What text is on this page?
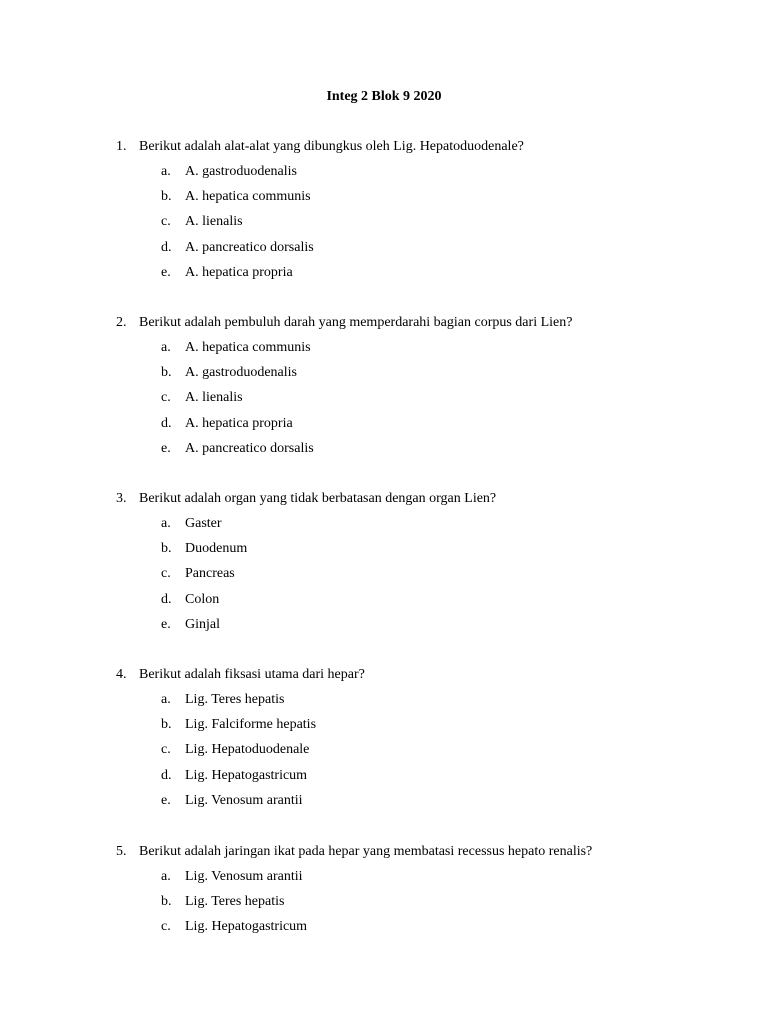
Integ 2 Blok 9 2020
1. Berikut adalah alat-alat yang dibungkus oleh Lig. Hepatoduodenale?
a. A. gastroduodenalis
b. A. hepatica communis
c. A. lienalis
d. A. pancreatico dorsalis
e. A. hepatica propria
2. Berikut adalah pembuluh darah yang memperdarahi bagian corpus dari Lien?
a. A. hepatica communis
b. A. gastroduodenalis
c. A. lienalis
d. A. hepatica propria
e. A. pancreatico dorsalis
3. Berikut adalah organ yang tidak berbatasan dengan organ Lien?
a. Gaster
b. Duodenum
c. Pancreas
d. Colon
e. Ginjal
4. Berikut adalah fiksasi utama dari hepar?
a. Lig. Teres hepatis
b. Lig. Falciforme hepatis
c. Lig. Hepatoduodenale
d. Lig. Hepatogastricum
e. Lig. Venosum arantii
5. Berikut adalah jaringan ikat pada hepar yang membatasi recessus hepato renalis?
a. Lig. Venosum arantii
b. Lig. Teres hepatis
c. Lig. Hepatogastricum
